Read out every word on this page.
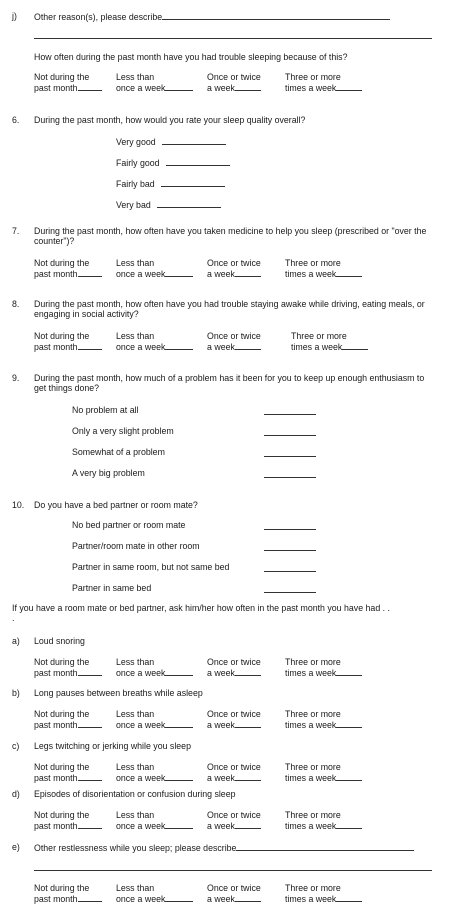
j) Other reason(s), please describe
How often during the past month have you had trouble sleeping because of this?
6. During the past month, how would you rate your sleep quality overall?
Very good
Fairly good
Fairly bad
Very bad
7. During the past month, how often have you taken medicine to help you sleep (prescribed or "over the counter")?
8. During the past month, how often have you had trouble staying awake while driving, eating meals, or engaging in social activity?
9. During the past month, how much of a problem has it been for you to keep up enough enthusiasm to get things done?
No problem at all
Only a very slight problem
Somewhat of a problem
A very big problem
10. Do you have a bed partner or room mate?
No bed partner or room mate
Partner/room mate in other room
Partner in same room, but not same bed
Partner in same bed
If you have a room mate or bed partner, ask him/her how often in the past month you have had . . .
Not during the
past month
Less than
once a week
Once or twice
a week
Three or more
times a week
Not during the
past month
Less than
once a week
Once or twice
a week
Three or more
times a week
Not during the
past month
Less than
once a week
Once or twice
a week
Three or more
times a week
a) Loud snoring
Not during the
past month
Less than
once a week
Once or twice
a week
Three or more
times a week
b) Long pauses between breaths while asleep
Not during the
past month
Less than
once a week
Once or twice
a week
Three or more
times a week
c) Legs twitching or jerking while you sleep
Not during the
past month
Less than
once a week
Once or twice
a week
Three or more
times a week
d) Episodes of disorientation or confusion during sleep
Not during the
past month
Less than
once a week
Once or twice
a week
Three or more
times a week
e) Other restlessness while you sleep; please describe
Not during the
past month
Less than
once a week
Once or twice
a week
Three or more
times a week
